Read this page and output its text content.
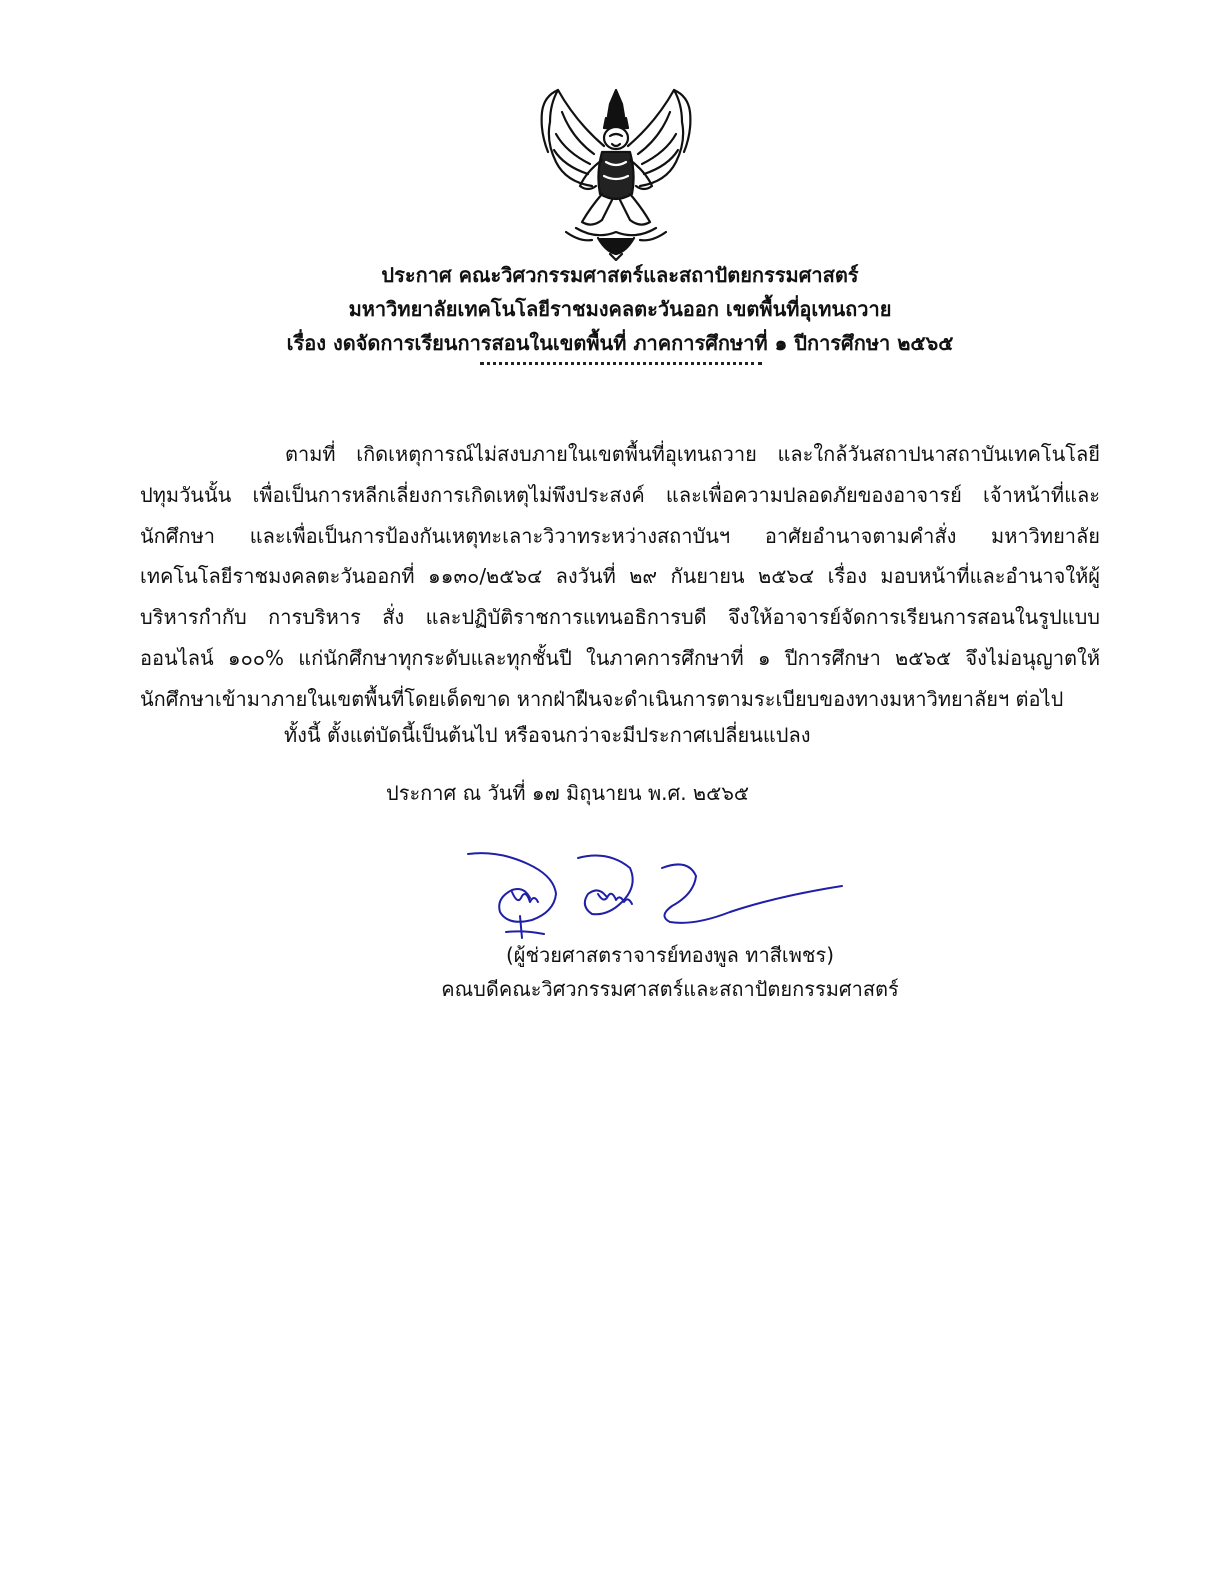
ประกาศ คณะวิศวกรรมศาสตร์และสถาปัตยกรรมศาสตร์
มหาวิทยาลัยเทคโนโลยีราชมงคลตะวันออก เขตพื้นที่อุเทนถวาย
เรื่อง งดจัดการเรียนการสอนในเขตพื้นที่ ภาคการศึกษาที่ ๑ ปีการศึกษา ๒๕๖๕

ตามที่ เกิดเหตุการณ์ไม่สงบภายในเขตพื้นที่อุเทนถวาย และใกล้วันสถาปนาสถาบันเทคโนโลยีปทุมวันนั้น เพื่อเป็นการหลีกเลี่ยงการเกิดเหตุไม่พึงประสงค์ และเพื่อความปลอดภัยของอาจารย์ เจ้าหน้าที่และนักศึกษา และเพื่อเป็นการป้องกันเหตุทะเลาะวิวาทระหว่างสถาบันฯ อาศัยอำนาจตามคำสั่ง มหาวิทยาลัยเทคโนโลยีราชมงคลตะวันออกที่ ๑๑๓๐/๒๕๖๔ ลงวันที่ ๒๙ กันยายน ๒๕๖๔ เรื่อง มอบหน้าที่และอำนาจให้ผู้บริหารกำกับ การบริหาร สั่ง และปฏิบัติราชการแทนอธิการบดี จึงให้อาจารย์จัดการเรียนการสอนในรูปแบบออนไลน์ ๑๐๐% แก่นักศึกษาทุกระดับและทุกชั้นปี ในภาคการศึกษาที่ ๑ ปีการศึกษา ๒๕๖๕ จึงไม่อนุญาตให้นักศึกษาเข้ามาภายในเขตพื้นที่โดยเด็ดขาด หากฝ่าฝืนจะดำเนินการตามระเบียบของทางมหาวิทยาลัยฯ ต่อไป

ทั้งนี้ ตั้งแต่บัดนี้เป็นต้นไป หรือจนกว่าจะมีประกาศเปลี่ยนแปลง
ประกาศ ณ วันที่ ๑๗ มิถุนายน พ.ศ. ๒๕๖๕
(ผู้ช่วยศาสตราจารย์ทองพูล ทาสีเพชร)
คณบดีคณะวิศวกรรมศาสตร์และสถาปัตยกรรมศาสตร์
